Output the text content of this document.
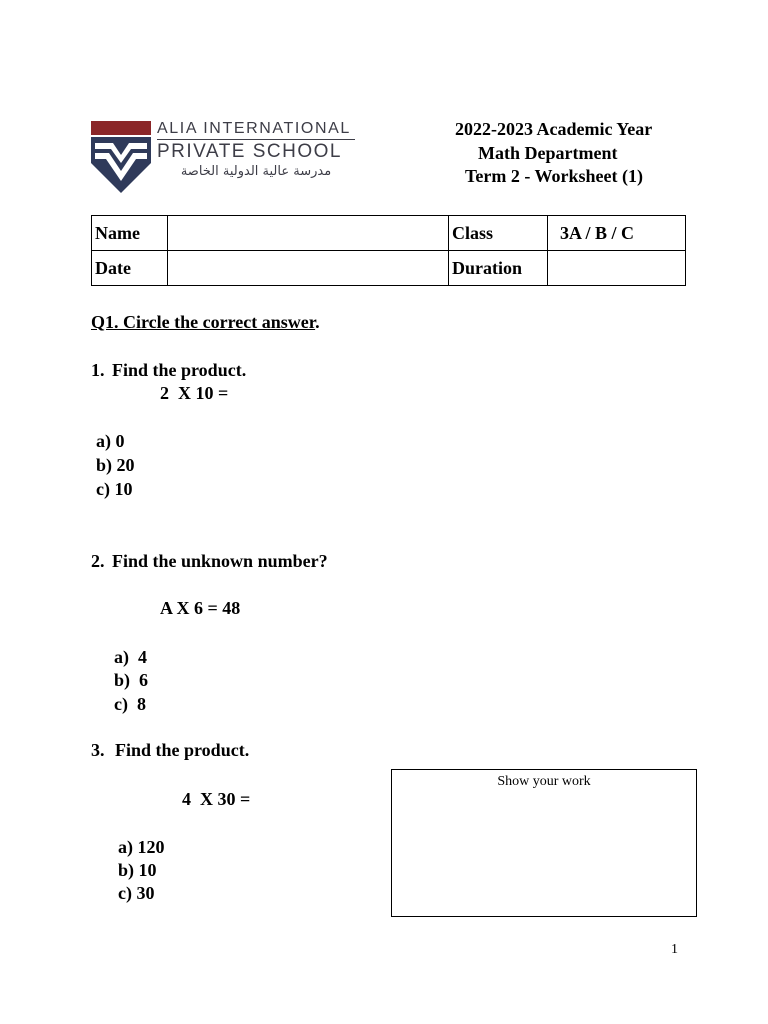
ALIA INTERNATIONAL
PRIVATE SCHOOL
مدرسة عالية الدولية الخاصة
2022-2023 Academic Year
Math Department
Term 2 - Worksheet (1)
Name		Class	3A / B / C
Date		Duration	
Q1. Circle the correct answer.
1. Find the product.
2  X 10 =
a) 0
b) 20
c) 10
2. Find the unknown number?
A X 6 = 48
a) 4
b) 6
c) 8
3. Find the product.
4  X 30 =
a) 120
b) 10
c) 30
Show your work
1
